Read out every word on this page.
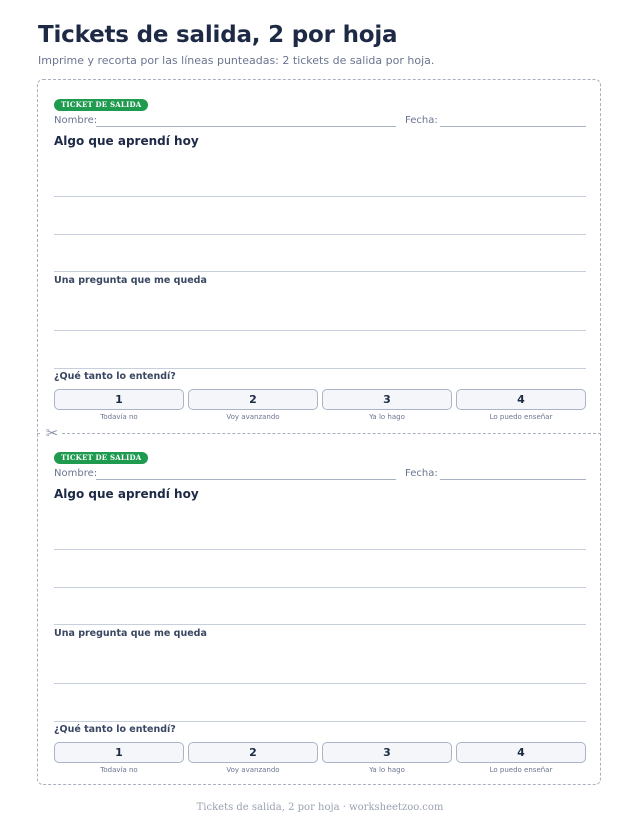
Tickets de salida, 2 por hoja
Imprime y recorta por las líneas punteadas: 2 tickets de salida por hoja.
✂
TICKET DE SALIDA
Nombre:	Fecha:
Algo que aprendí hoy
Una pregunta que me queda
¿Qué tanto lo entendí?
1
Todavía no
2
Voy avanzando
3
Ya lo hago
4
Lo puedo enseñar
TICKET DE SALIDA
Nombre:	Fecha:
Algo que aprendí hoy
Una pregunta que me queda
¿Qué tanto lo entendí?
1
Todavía no
2
Voy avanzando
3
Ya lo hago
4
Lo puedo enseñar
Tickets de salida, 2 por hoja · worksheetzoo.com
